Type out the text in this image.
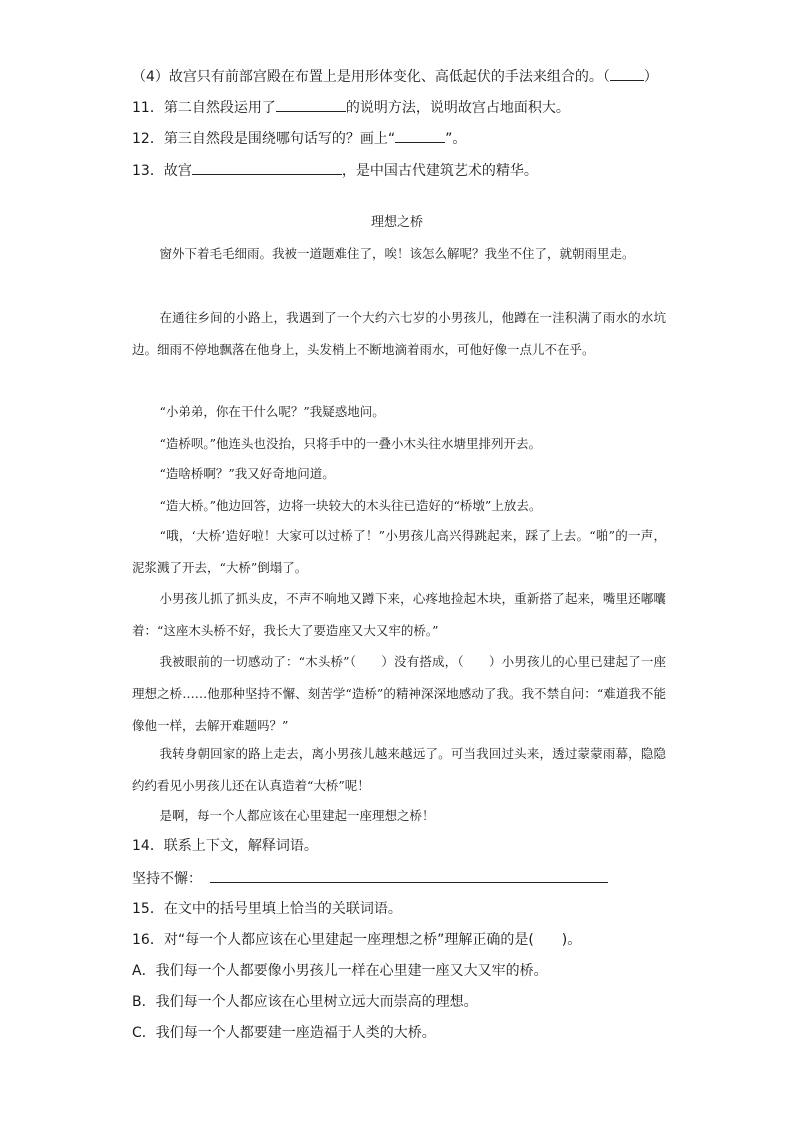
（4）故宫只有前部宫殿在布置上是用形体变化、高低起伏的手法来组合的。（ ）
11．第二自然段运用了	的说明方法，说明故宫占地面积大。
12．第三自然段是围绕哪句话写的？画上“	”。
13．故宫	，是中国古代建筑艺术的精华。
理想之桥
窗外下着毛毛细雨。我被一道题难住了，唉！该怎么解呢？我坐不住了，就朝雨里走。
在通往乡间的小路上，我遇到了一个大约六七岁的小男孩儿，他蹲在一洼积满了雨水的水坑边。细雨不停地飘落在他身上，头发梢上不断地滴着雨水，可他好像一点儿不在乎。
“小弟弟，你在干什么呢？”我疑惑地问。
“造桥呗。”他连头也没抬，只将手中的一叠小木头往水塘里排列开去。
“造啥桥啊？”我又好奇地问道。
“造大桥。”他边回答，边将一块较大的木头往已造好的“桥墩”上放去。
“哦，‘大桥’造好啦！大家可以过桥了！”小男孩儿高兴得跳起来，踩了上去。“啪”的一声，泥浆溅了开去，“大桥”倒塌了。
小男孩儿抓了抓头皮，不声不响地又蹲下来，心疼地捡起木块，重新搭了起来，嘴里还嘟囔着：“这座木头桥不好，我长大了要造座又大又牢的桥。”
我被眼前的一切感动了：“木头桥”（　　）没有搭成，（　　）小男孩儿的心里已建起了一座理想之桥……他那种坚持不懈、刻苦学“造桥”的精神深深地感动了我。我不禁自问：“难道我不能像他一样，去解开难题吗？”
我转身朝回家的路上走去，离小男孩儿越来越远了。可当我回过头来，透过蒙蒙雨幕，隐隐约约看见小男孩儿还在认真造着“大桥”呢！
是啊，每一个人都应该在心里建起一座理想之桥！
14．联系上下文，解释词语。
坚持不懈：
15．在文中的括号里填上恰当的关联词语。
16．对“每一个人都应该在心里建起一座理想之桥”理解正确的是(　　)。
A．我们每一个人都要像小男孩儿一样在心里建一座又大又牢的桥。
B．我们每一个人都应该在心里树立远大而崇高的理想。
C．我们每一个人都要建一座造福于人类的大桥。
